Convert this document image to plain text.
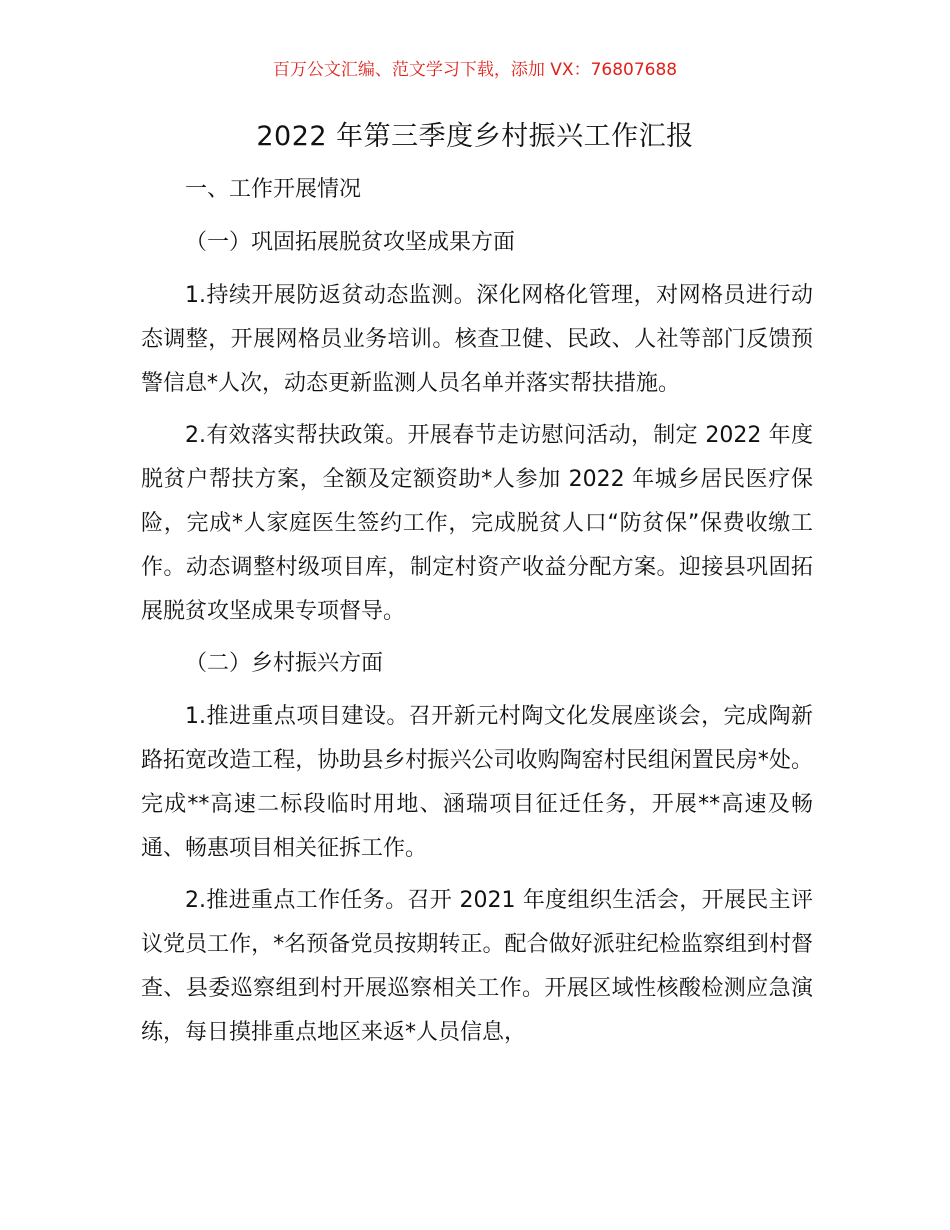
百万公文汇编、范文学习下载，添加 VX：76807688
2022 年第三季度乡村振兴工作汇报

一、工作开展情况

（一）巩固拓展脱贫攻坚成果方面

1.持续开展防返贫动态监测。深化网格化管理，对网格员进行动态调整，开展网格员业务培训。核查卫健、民政、人社等部门反馈预警信息*人次，动态更新监测人员名单并落实帮扶措施。

2.有效落实帮扶政策。开展春节走访慰问活动，制定 2022 年度脱贫户帮扶方案，全额及定额资助*人参加 2022 年城乡居民医疗保险，完成*人家庭医生签约工作，完成脱贫人口“防贫保”保费收缴工作。动态调整村级项目库，制定村资产收益分配方案。迎接县巩固拓展脱贫攻坚成果专项督导。

（二）乡村振兴方面

1.推进重点项目建设。召开新元村陶文化发展座谈会，完成陶新路拓宽改造工程，协助县乡村振兴公司收购陶窑村民组闲置民房*处。完成**高速二标段临时用地、涵瑞项目征迁任务，开展**高速及畅通、畅惠项目相关征拆工作。

2.推进重点工作任务。召开 2021 年度组织生活会，开展民主评议党员工作，*名预备党员按期转正。配合做好派驻纪检监察组到村督查、县委巡察组到村开展巡察相关工作。开展区域性核酸检测应急演练，每日摸排重点地区来返*人员信息，
